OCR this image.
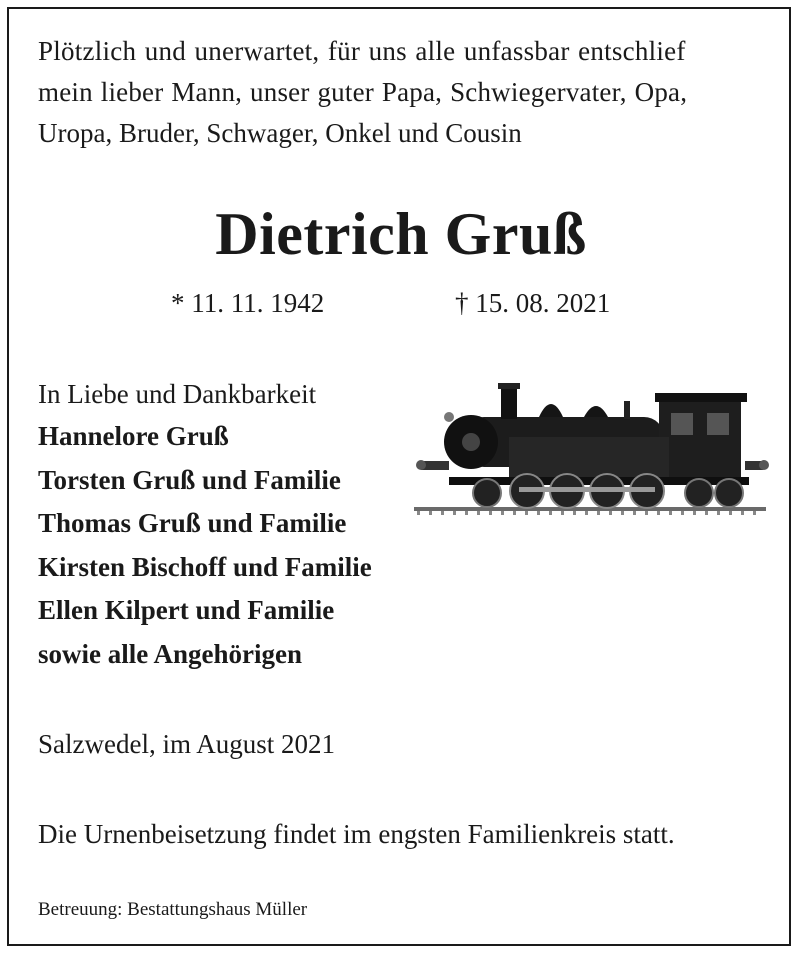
Plötzlich und unerwartet, für uns alle unfassbar entschlief
mein lieber Mann, unser guter Papa, Schwiegervater, Opa,
Uropa, Bruder, Schwager, Onkel und Cousin
Dietrich Gruß
* 11. 11. 1942	† 15. 08. 2021
In Liebe und Dankbarkeit
Hannelore Gruß
Torsten Gruß und Familie
Thomas Gruß und Familie
Kirsten Bischoff und Familie
Ellen Kilpert und Familie
sowie alle Angehörigen
Salzwedel, im August 2021
Die Urnenbeisetzung findet im engsten Familienkreis statt.
Betreuung: Bestattungshaus Müller
